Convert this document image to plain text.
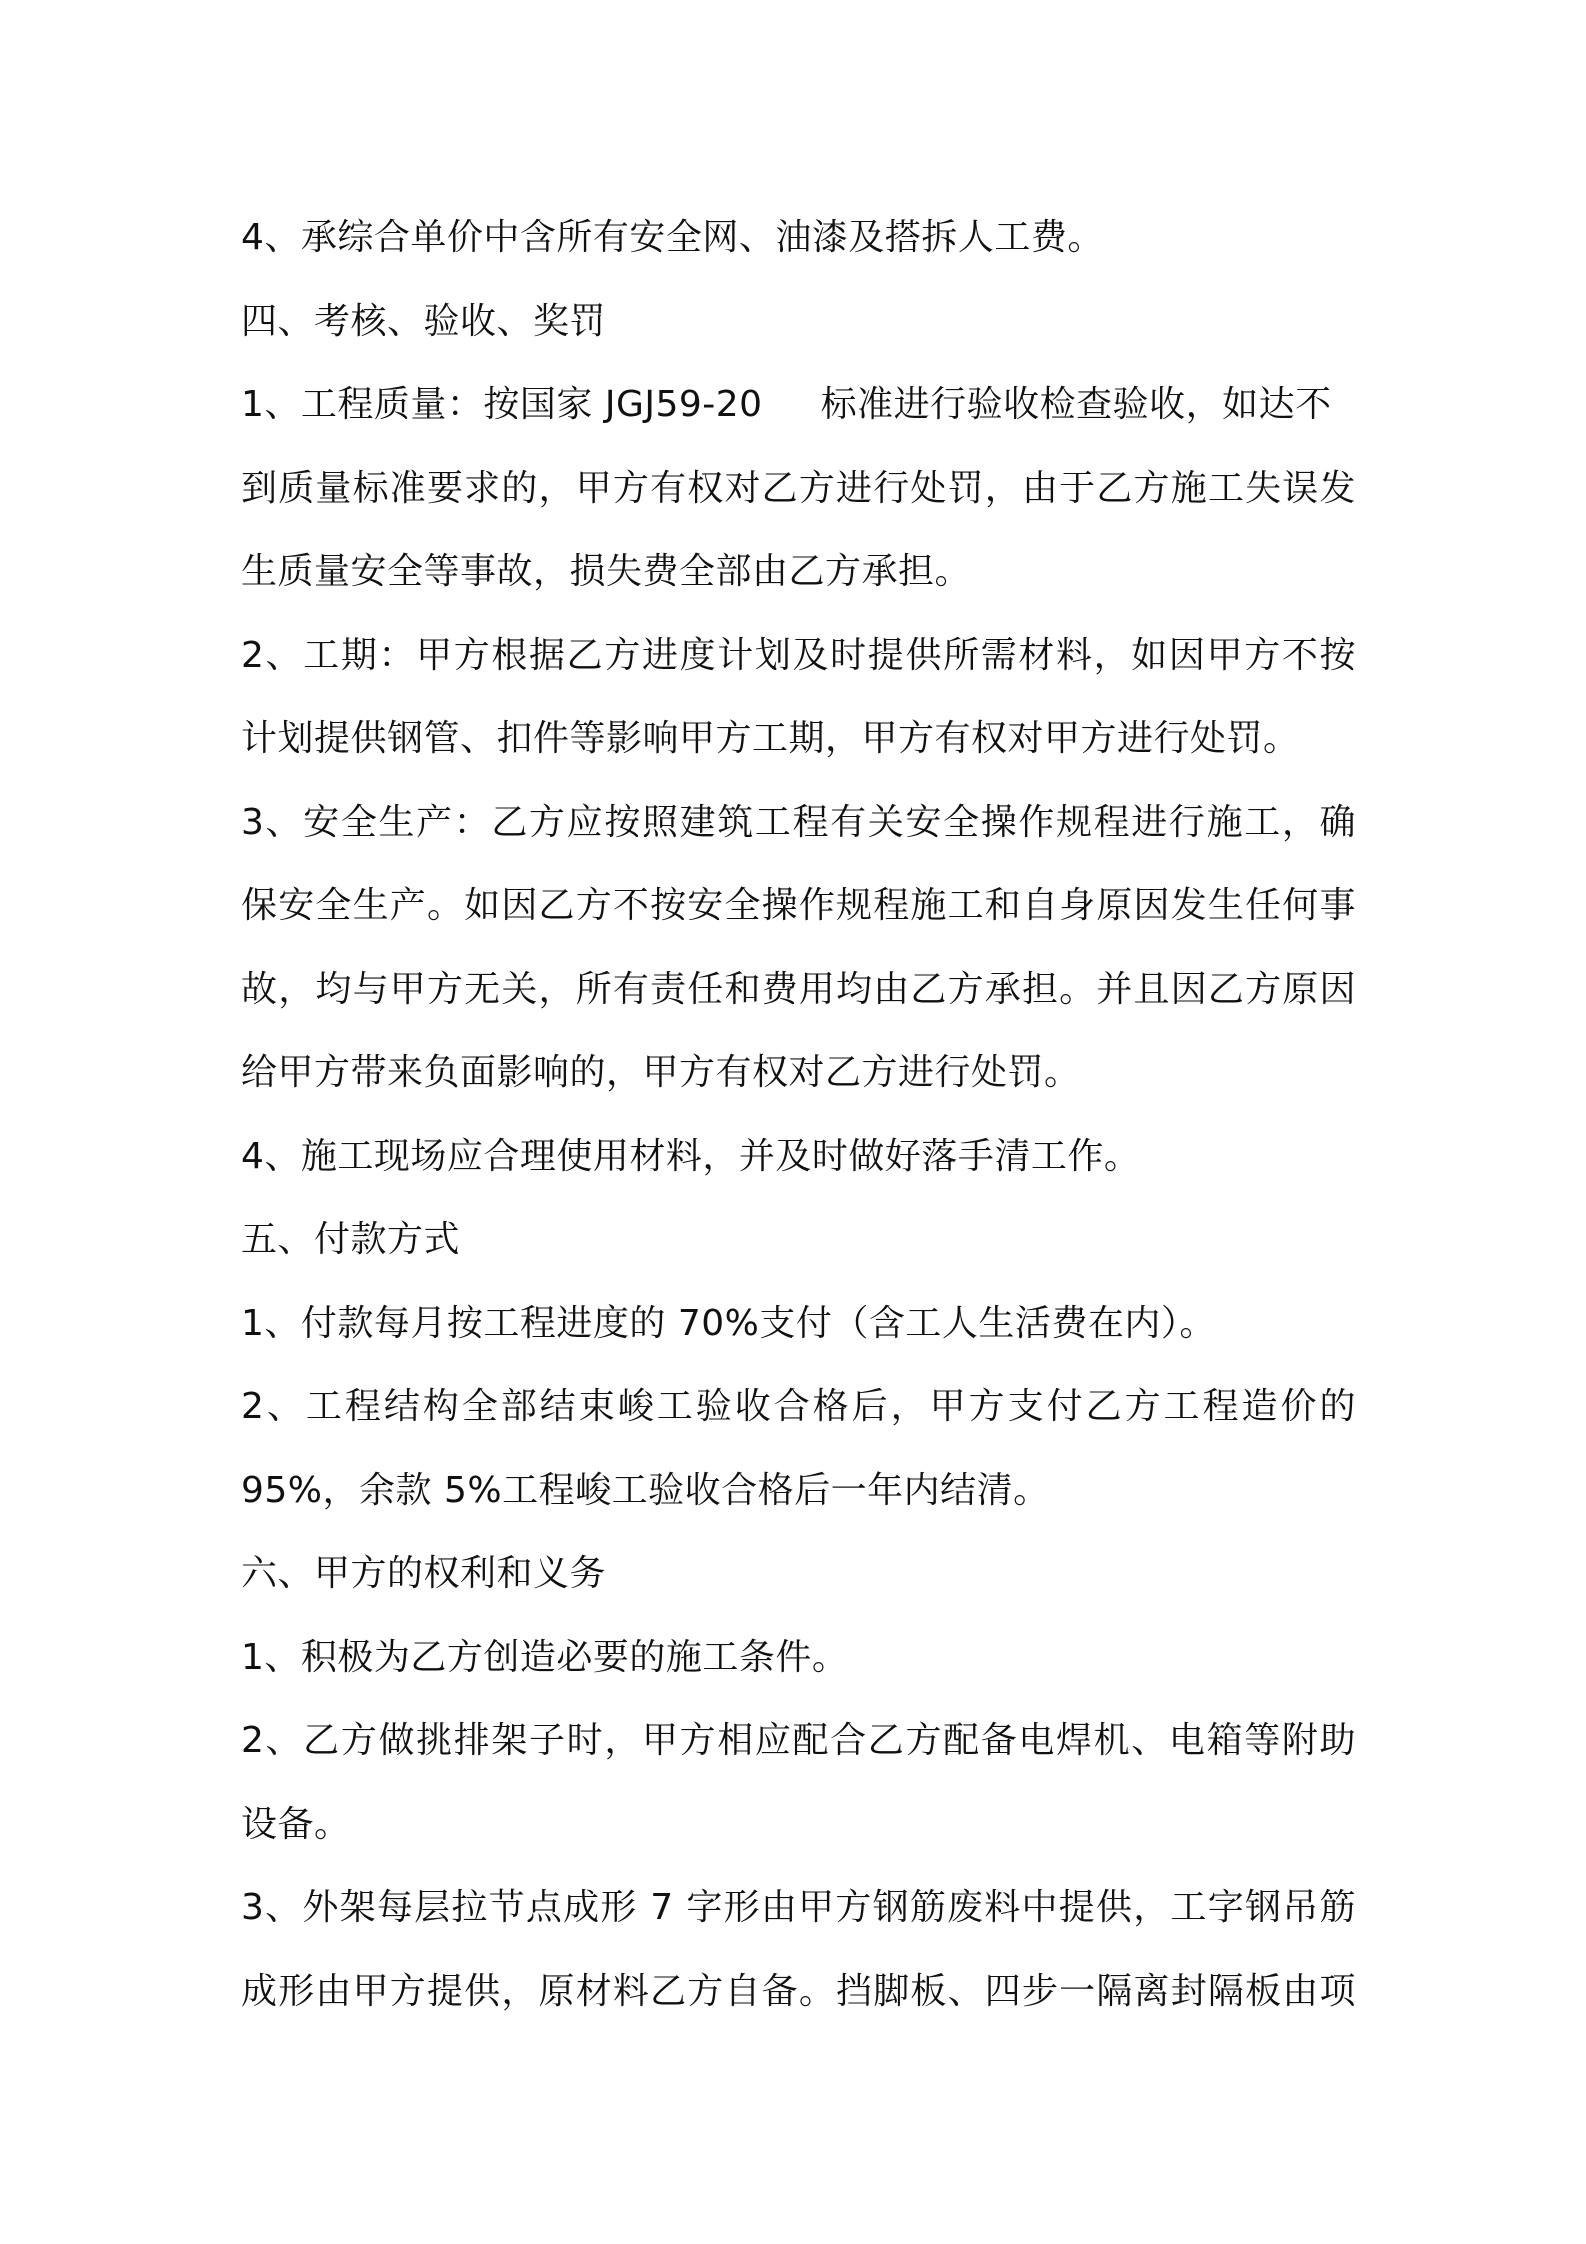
4、承综合单价中含所有安全网、油漆及搭拆人工费。
四、考核、验收、奖罚
1、工程质量：按国家 JGJ59-20 标准进行验收检查验收，如达不
到质量标准要求的，甲方有权对乙方进行处罚，由于乙方施工失误发
生质量安全等事故，损失费全部由乙方承担。
2、工期：甲方根据乙方进度计划及时提供所需材料，如因甲方不按
计划提供钢管、扣件等影响甲方工期，甲方有权对甲方进行处罚。
3、安全生产：乙方应按照建筑工程有关安全操作规程进行施工，确
保安全生产。如因乙方不按安全操作规程施工和自身原因发生任何事
故，均与甲方无关，所有责任和费用均由乙方承担。并且因乙方原因
给甲方带来负面影响的，甲方有权对乙方进行处罚。
4、施工现场应合理使用材料，并及时做好落手清工作。
五、付款方式
1、付款每月按工程进度的 70%支付（含工人生活费在内）。
2、工程结构全部结束峻工验收合格后，甲方支付乙方工程造价的
95%，余款 5%工程峻工验收合格后一年内结清。
六、甲方的权利和义务
1、积极为乙方创造必要的施工条件。
2、乙方做挑排架子时，甲方相应配合乙方配备电焊机、电箱等附助
设备。
3、外架每层拉节点成形 7 字形由甲方钢筋废料中提供，工字钢吊筋
成形由甲方提供，原材料乙方自备。挡脚板、四步一隔离封隔板由项
